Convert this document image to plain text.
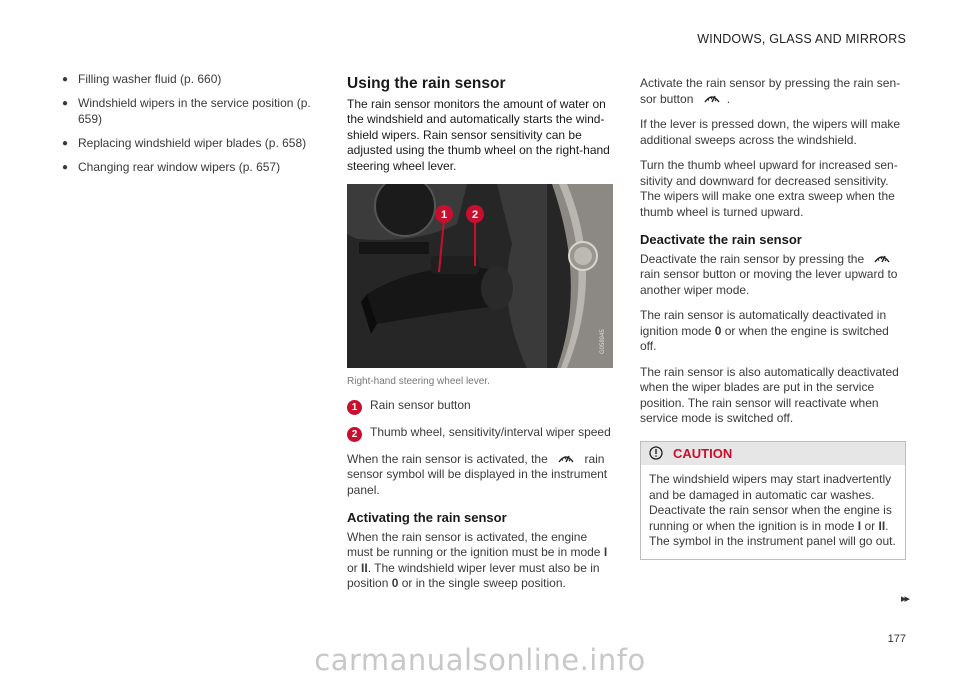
WINDOWS, GLASS AND MIRRORS
● Filling washer fluid (p. 660)
● Windshield wipers in the service position (p. 659)
● Replacing windshield wiper blades (p. 658)
● Changing rear window wipers (p. 657)
Using the rain sensor

The rain sensor monitors the amount of water on the windshield and automatically starts the wind-shield wipers. Rain sensor sensitivity can be adjusted using the thumb wheel on the right-hand steering wheel lever.

1 2
G058945
Right-hand steering wheel lever.
1	Rain sensor button
2	Thumb wheel, sensitivity/interval wiper speed

When the rain sensor is activated, the	rain sensor symbol will be displayed in the instrument panel.

Activating the rain sensor

When the rain sensor is activated, the engine must be running or the ignition must be in mode I or II. The windshield wiper lever must also be in position 0 or in the single sweep position.

Activate the rain sensor by pressing the rain sen-sor button	.

If the lever is pressed down, the wipers will make additional sweeps across the windshield.

Turn the thumb wheel upward for increased sen-sitivity and downward for decreased sensitivity. The wipers will make one extra sweep when the thumb wheel is turned upward.

Deactivate the rain sensor

Deactivate the rain sensor by pressing the  rain sensor button or moving the lever upward to another wiper mode.

The rain sensor is automatically deactivated in ignition mode 0 or when the engine is switched off.

The rain sensor is also automatically deactivated when the wiper blades are put in the service position. The rain sensor will reactivate when service mode is switched off.

CAUTION
The windshield wipers may start inadvertently and be damaged in automatic car washes. Deactivate the rain sensor when the engine is running or when the ignition is in mode I or II. The symbol in the instrument panel will go out.
▸▸
177
carmanualsonline.info
